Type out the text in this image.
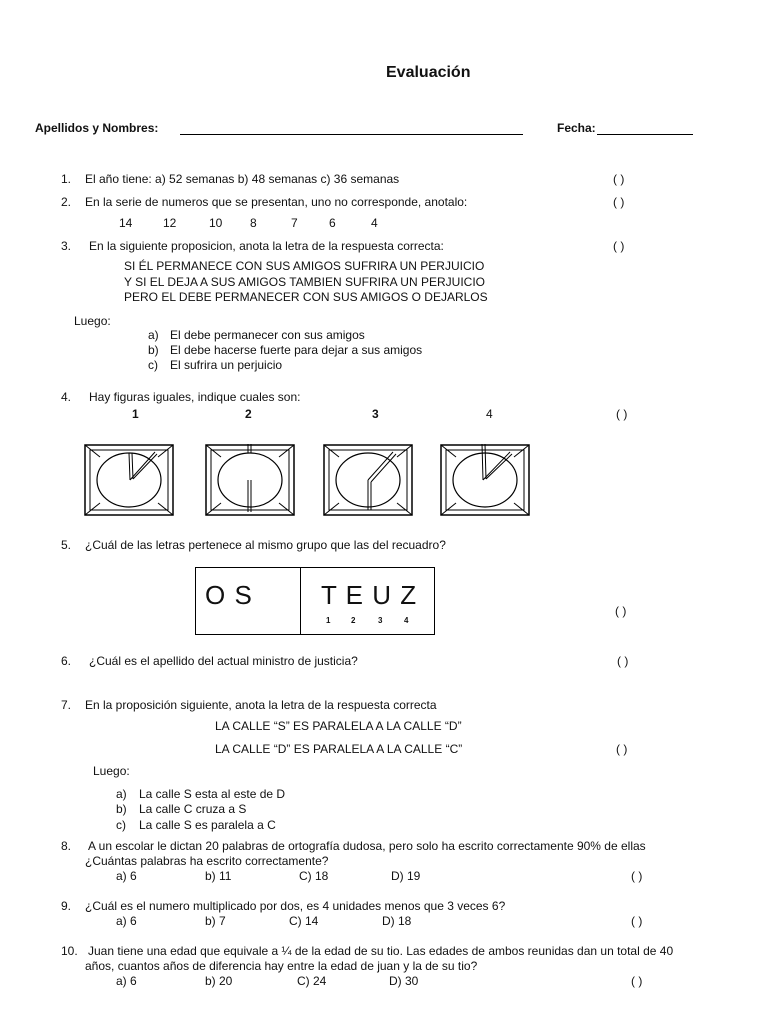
Evaluación
Apellidos y Nombres:	Fecha:
1. El año tiene: a) 52 semanas b) 48 semanas c) 36 semanas	( )
2. En la serie de numeros que se presentan, uno no corresponde, anotalo:	( )
14	12	10 8	7	6	4
3. En la siguiente proposicion, anota la letra de la respuesta correcta:	( )
SI ÉL PERMANECE CON SUS AMIGOS SUFRIRA UN PERJUICIO
Y SI EL DEJA A SUS AMIGOS TAMBIEN SUFRIRA UN PERJUICIO
PERO EL DEBE PERMANECER CON SUS AMIGOS O DEJARLOS
Luego:
a) El debe permanecer con sus amigos
b) El debe hacerse fuerte para dejar a sus amigos
c) El sufrira un perjuicio
4. Hay figuras iguales, indique cuales son:
1	2	3	4	( )
5. ¿Cuál de las letras pertenece al mismo grupo que las del recuadro?
O S	T E U Z
1	2	3	4
( )
6. ¿Cuál es el apellido del actual ministro de justicia?	( )
7. En la proposición siguiente, anota la letra de la respuesta correcta
LA CALLE “S” ES PARALELA A LA CALLE “D”
LA CALLE “D” ES PARALELA A LA CALLE “C”	( )
Luego:
a) La calle S esta al este de D
b) La calle C cruza a S
c) La calle S es paralela a C
8. A un escolar le dictan 20 palabras de ortografía dudosa, pero solo ha escrito correctamente 90% de ellas
¿Cuántas palabras ha escrito correctamente?
a) 6	b) 11	C) 18	D) 19	( )
9. ¿Cuál es el numero multiplicado por dos, es 4 unidades menos que 3 veces 6?
a) 6	b) 7	C) 14	D) 18	( )
10. Juan tiene una edad que equivale a ¼ de la edad de su tio. Las edades de ambos reunidas dan un total de 40
años, cuantos años de diferencia hay entre la edad de juan y la de su tio?
a) 6	b) 20	C) 24	D) 30	( )
